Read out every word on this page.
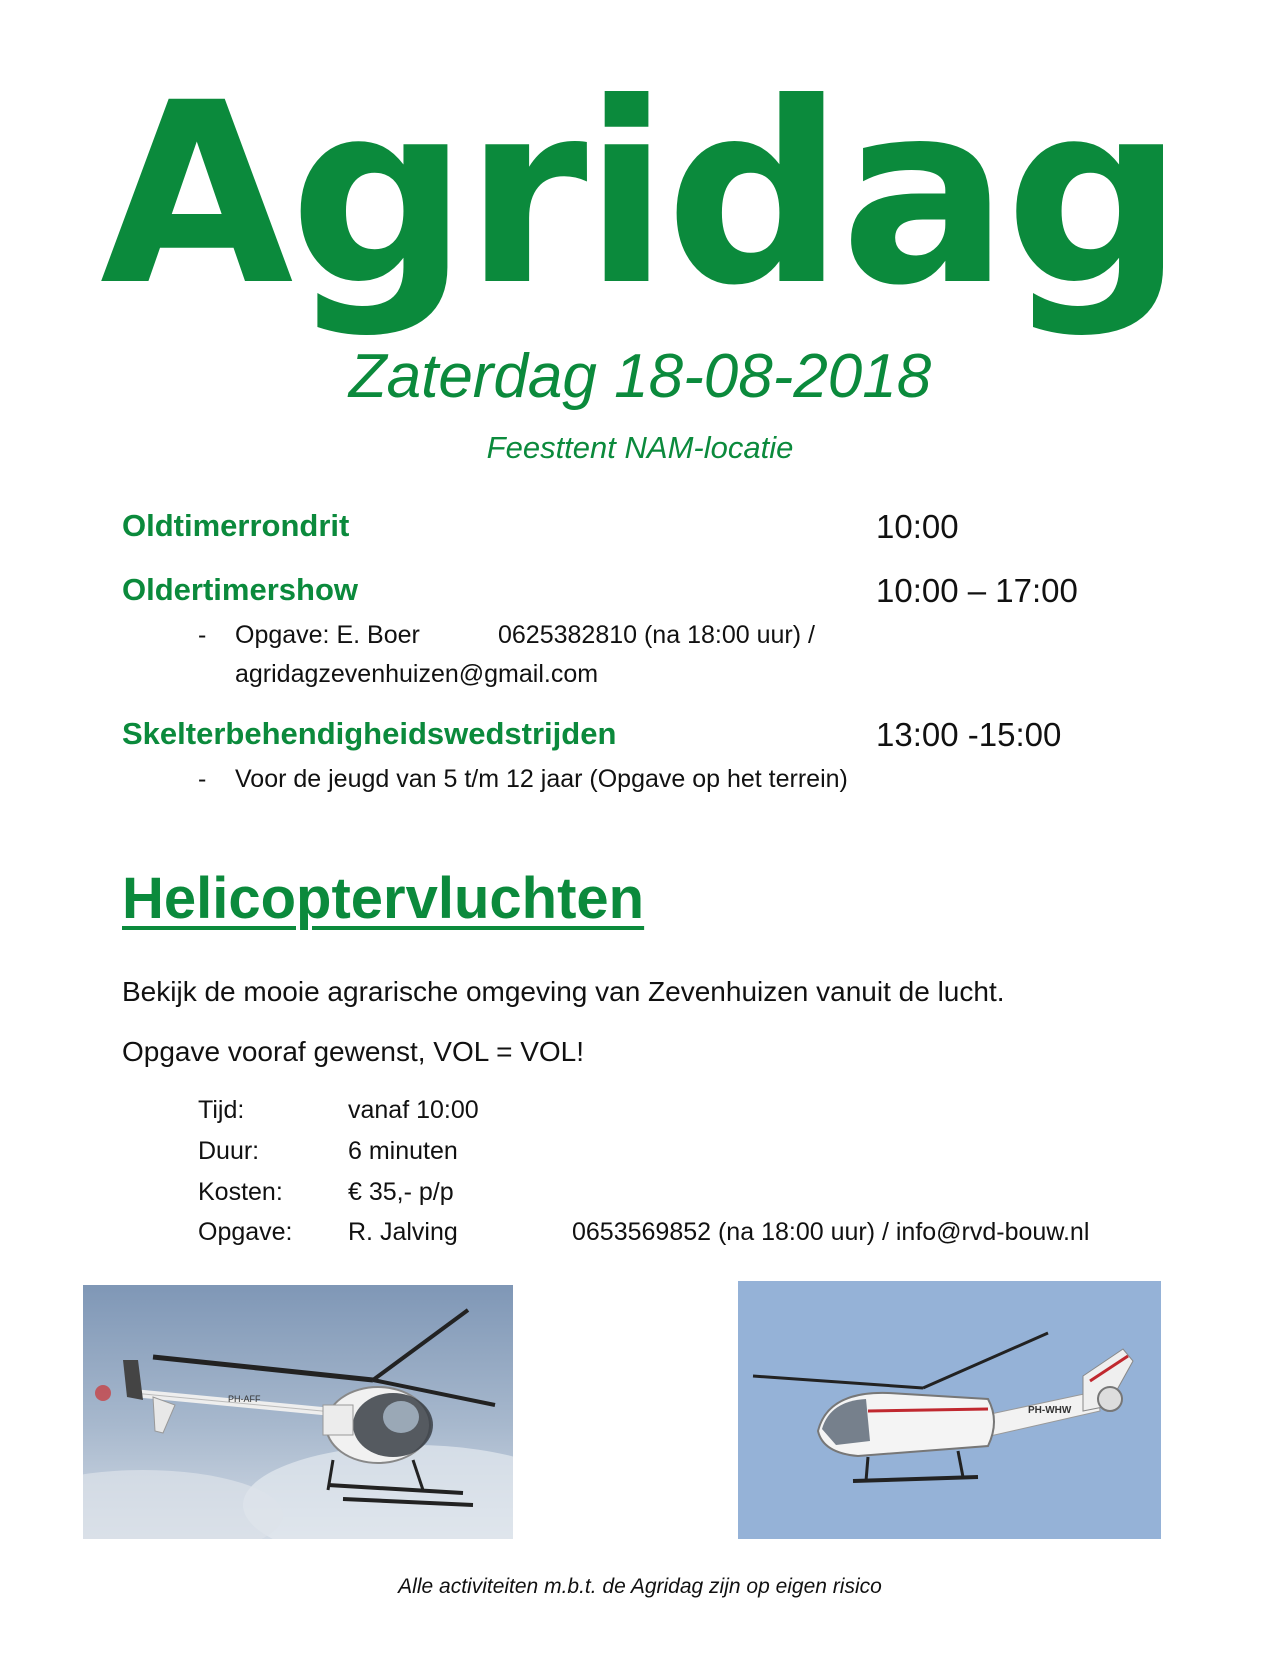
Agridag
Zaterdag 18-08-2018
Feesttent NAM-locatie
Oldtimerrondrit	10:00
Oldertimershow	10:00 – 17:00
- Opgave: E. Boer	0625382810 (na 18:00 uur) /
agridagzevenhuizen@gmail.com
Skelterbehendigheidswedstrijden	13:00 -15:00
- Voor de jeugd van 5 t/m 12 jaar (Opgave op het terrein)
Helicoptervluchten
Bekijk de mooie agrarische omgeving van Zevenhuizen vanuit de lucht.
Opgave vooraf gewenst, VOL = VOL!
Tijd:	vanaf 10:00
Duur:	6 minuten
Kosten:	€ 35,- p/p
Opgave: R. Jalving	0653569852 (na 18:00 uur) / info@rvd-bouw.nl
PH-AFF
PH-WHW
Alle activiteiten m.b.t. de Agridag zijn op eigen risico
